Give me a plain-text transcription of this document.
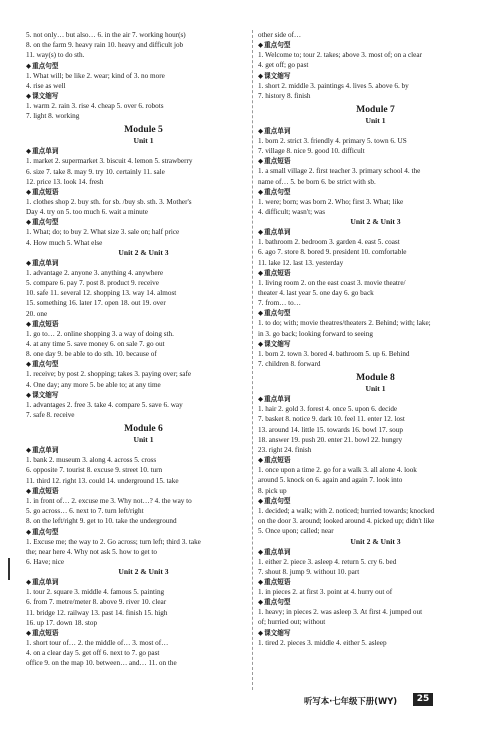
5. not only… but also… 6. in the air 7. working hour(s)
8. on the farm 9. heavy rain 10. heavy and difficult job
11. way(s) to do sth.
◆重点句型
1. What will; be like 2. wear; kind of 3. no more
4. rise as well
◆课文缩写
1. warm 2. rain 3. rise 4. cheap 5. over 6. robots
7. light 8. working
Module 5
Unit 1
◆重点单词
1. market 2. supermarket 3. biscuit 4. lemon 5. strawberry
6. size 7. take 8. may 9. try 10. certainly 11. sale
12. price 13. look 14. fresh
◆重点短语
1. clothes shop 2. buy sth. for sb. /buy sb. sth. 3. Mother's
Day 4. try on 5. too much 6. wait a minute
◆重点句型
1. What; do; to buy 2. What size 3. sale on; half price
4. How much 5. What else
Unit 2 & Unit 3
◆重点单词
1. advantage 2. anyone 3. anything 4. anywhere
5. compare 6. pay 7. post 8. product 9. receive
10. safe 11. several 12. shopping 13. way 14. almost
15. something 16. later 17. open 18. out 19. over
20. one
◆重点短语
1. go to… 2. online shopping 3. a way of doing sth.
4. at any time 5. save money 6. on sale 7. go out
8. one day 9. be able to do sth. 10. because of
◆重点句型
1. receive; by post 2. shopping; takes 3. paying over; safe
4. One day; any more 5. be able to; at any time
◆课文缩写
1. advantages 2. free 3. take 4. compare 5. save 6. way
7. safe 8. receive
Module 6
Unit 1
◆重点单词
1. bank 2. museum 3. along 4. across 5. cross
6. opposite 7. tourist 8. excuse 9. street 10. turn
11. third 12. right 13. could 14. underground 15. take
◆重点短语
1. in front of… 2. excuse me 3. Why not…? 4. the way to
5. go across… 6. next to 7. turn left/right
8. on the left/right 9. get to 10. take the underground
◆重点句型
1. Excuse me; the way to 2. Go across; turn left; third 3. take
the; near here 4. Why not ask 5. how to get to
6. Have; nice
Unit 2 & Unit 3
◆重点单词
1. tour 2. square 3. middle 4. famous 5. painting
6. from 7. metre/meter 8. above 9. river 10. clear
11. bridge 12. railway 13. past 14. finish 15. high
16. up 17. down 18. stop
◆重点短语
1. short tour of… 2. the middle of… 3. most of…
4. on a clear day 5. get off 6. next to 7. go past
office 9. on the map 10. between… and… 11. on the
other side of…
◆重点句型
1. Welcome to; tour 2. takes; above 3. most of; on a clear
4. get off; go past
◆课文缩写
1. short 2. middle 3. paintings 4. lives 5. above 6. by
7. history 8. finish
Module 7
Unit 1
◆重点单词
1. born 2. strict 3. friendly 4. primary 5. town 6. US
7. village 8. nice 9. good 10. difficult
◆重点短语
1. a small village 2. first teacher 3. primary school 4. the
name of… 5. be born 6. be strict with sb.
◆重点句型
1. were; born; was born 2. Who; first 3. What; like
4. difficult; wasn't; was
Unit 2 & Unit 3
◆重点单词
1. bathroom 2. bedroom 3. garden 4. east 5. coast
6. ago 7. store 8. bored 9. president 10. comfortable
11. lake 12. last 13. yesterday
◆重点短语
1. living room 2. on the east coast 3. movie theatre/
theater 4. last year 5. one day 6. go back
7. from… to…
◆重点句型
1. to do; with; movie theatres/theaters 2. Behind; with; lake;
in 3. go back; looking forward to seeing
◆课文缩写
1. born 2. town 3. bored 4. bathroom 5. up 6. Behind
7. children 8. forward
Module 8
Unit 1
◆重点单词
1. hair 2. gold 3. forest 4. once 5. upon 6. decide
7. basket 8. notice 9. dark 10. feel 11. enter 12. lost
13. around 14. little 15. towards 16. bowl 17. soup
18. answer 19. push 20. enter 21. bowl 22. hungry
23. right 24. finish
◆重点短语
1. once upon a time 2. go for a walk 3. all alone 4. look
around 5. knock on 6. again and again 7. look into
8. pick up
◆重点句型
1. decided; a walk; with 2. noticed; hurried towards; knocked
on the door 3. around; looked around 4. picked up; didn't like
5. Once upon; called; near
Unit 2 & Unit 3
◆重点单词
1. either 2. piece 3. asleep 4. return 5. cry 6. bed
7. shout 8. jump 9. without 10. part
◆重点短语
1. in pieces 2. at first 3. point at 4. hurry out of
◆重点句型
1. heavy; in pieces 2. was asleep 3. At first 4. jumped out
of; hurried out; without
◆课文缩写
1. tired 2. pieces 3. middle 4. either 5. asleep
听写本·七年级下册(WY)	25
